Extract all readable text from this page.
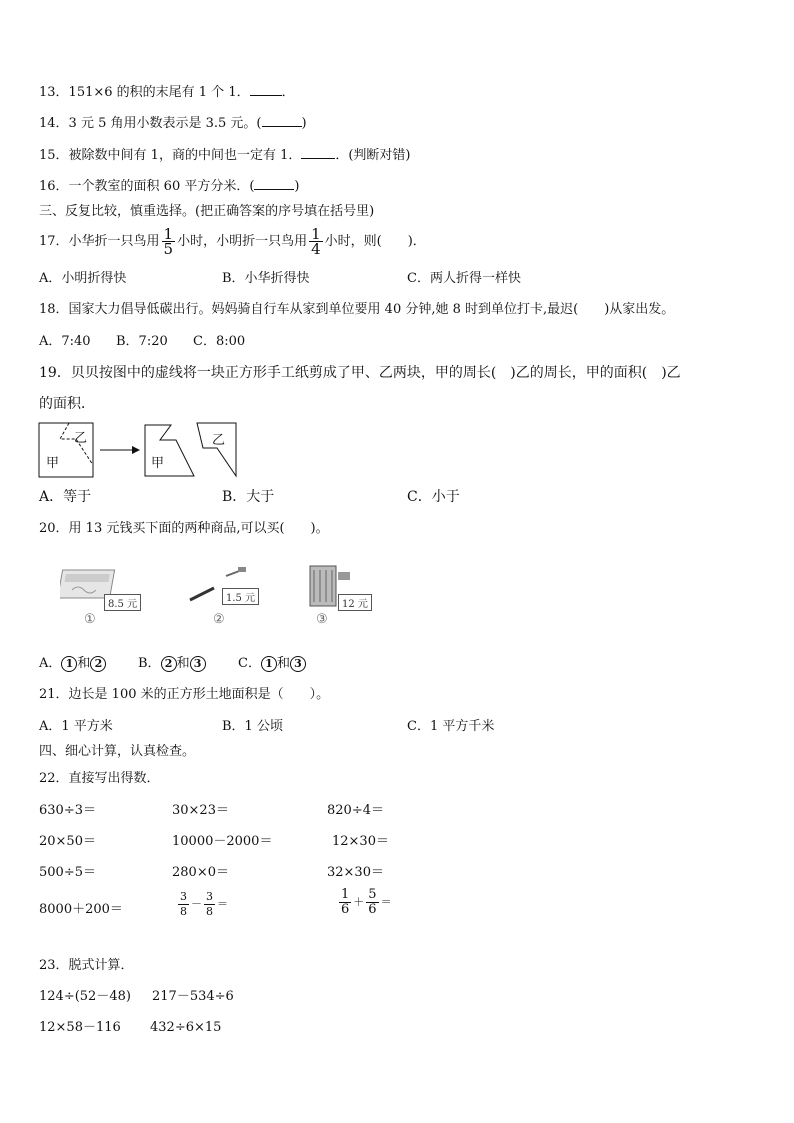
13．151×6 的积的末尾有 1 个 1． ．
14．3 元 5 角用小数表示是 3.5 元。(	)
15．被除数中间有 1，商的中间也一定有 1．	．(判断对错)
16．一个教室的面积 60 平方分米．(	)
三、反复比较，慎重选择。(把正确答案的序号填在括号里)
17．小华折一只鸟用 $\frac{1}{5}$ 小时，小明折一只鸟用 $\frac{1}{4}$ 小时，则(　　)．
A．小明折得快	B．小华折得快	C．两人折得一样快
18．国家大力倡导低碳出行。妈妈骑自行车从家到单位要用 40 分钟,她 8 时到单位打卡,最迟(　　)从家出发。
A．7:40 B．7:20 C．8:00
19．贝贝按图中的虚线将一块正方形手工纸剪成了甲、乙两块，甲的周长(　)乙的周长，甲的面积(　)乙
的面积．
甲
乙
甲
乙
A．等于	B．大于	C．小于
20．用 13 元钱买下面的两种商品,可以买(　　)。
8.5 元
①
1.5 元
②
12 元
③
A． 1 和 2	B． 2 和 3	C． 1 和 3
21．边长是 100 米的正方形土地面积是（　　）。
A．1 平方米	B．1 公顷	C．1 平方千米
四、细心计算，认真检查。
22．直接写出得数．
630÷3＝	30×23＝	820÷4＝
20×50＝	10000－2000＝	12×30＝
500÷5＝	280×0＝	32×30＝
8000＋200＝	$\frac{3}{8} - \frac{3}{8}$ ＝	$\frac{1}{6} + \frac{5}{6}$ ＝
23．脱式计算．
124÷(52－48) 217－534÷6
12×58－116 432÷6×15
